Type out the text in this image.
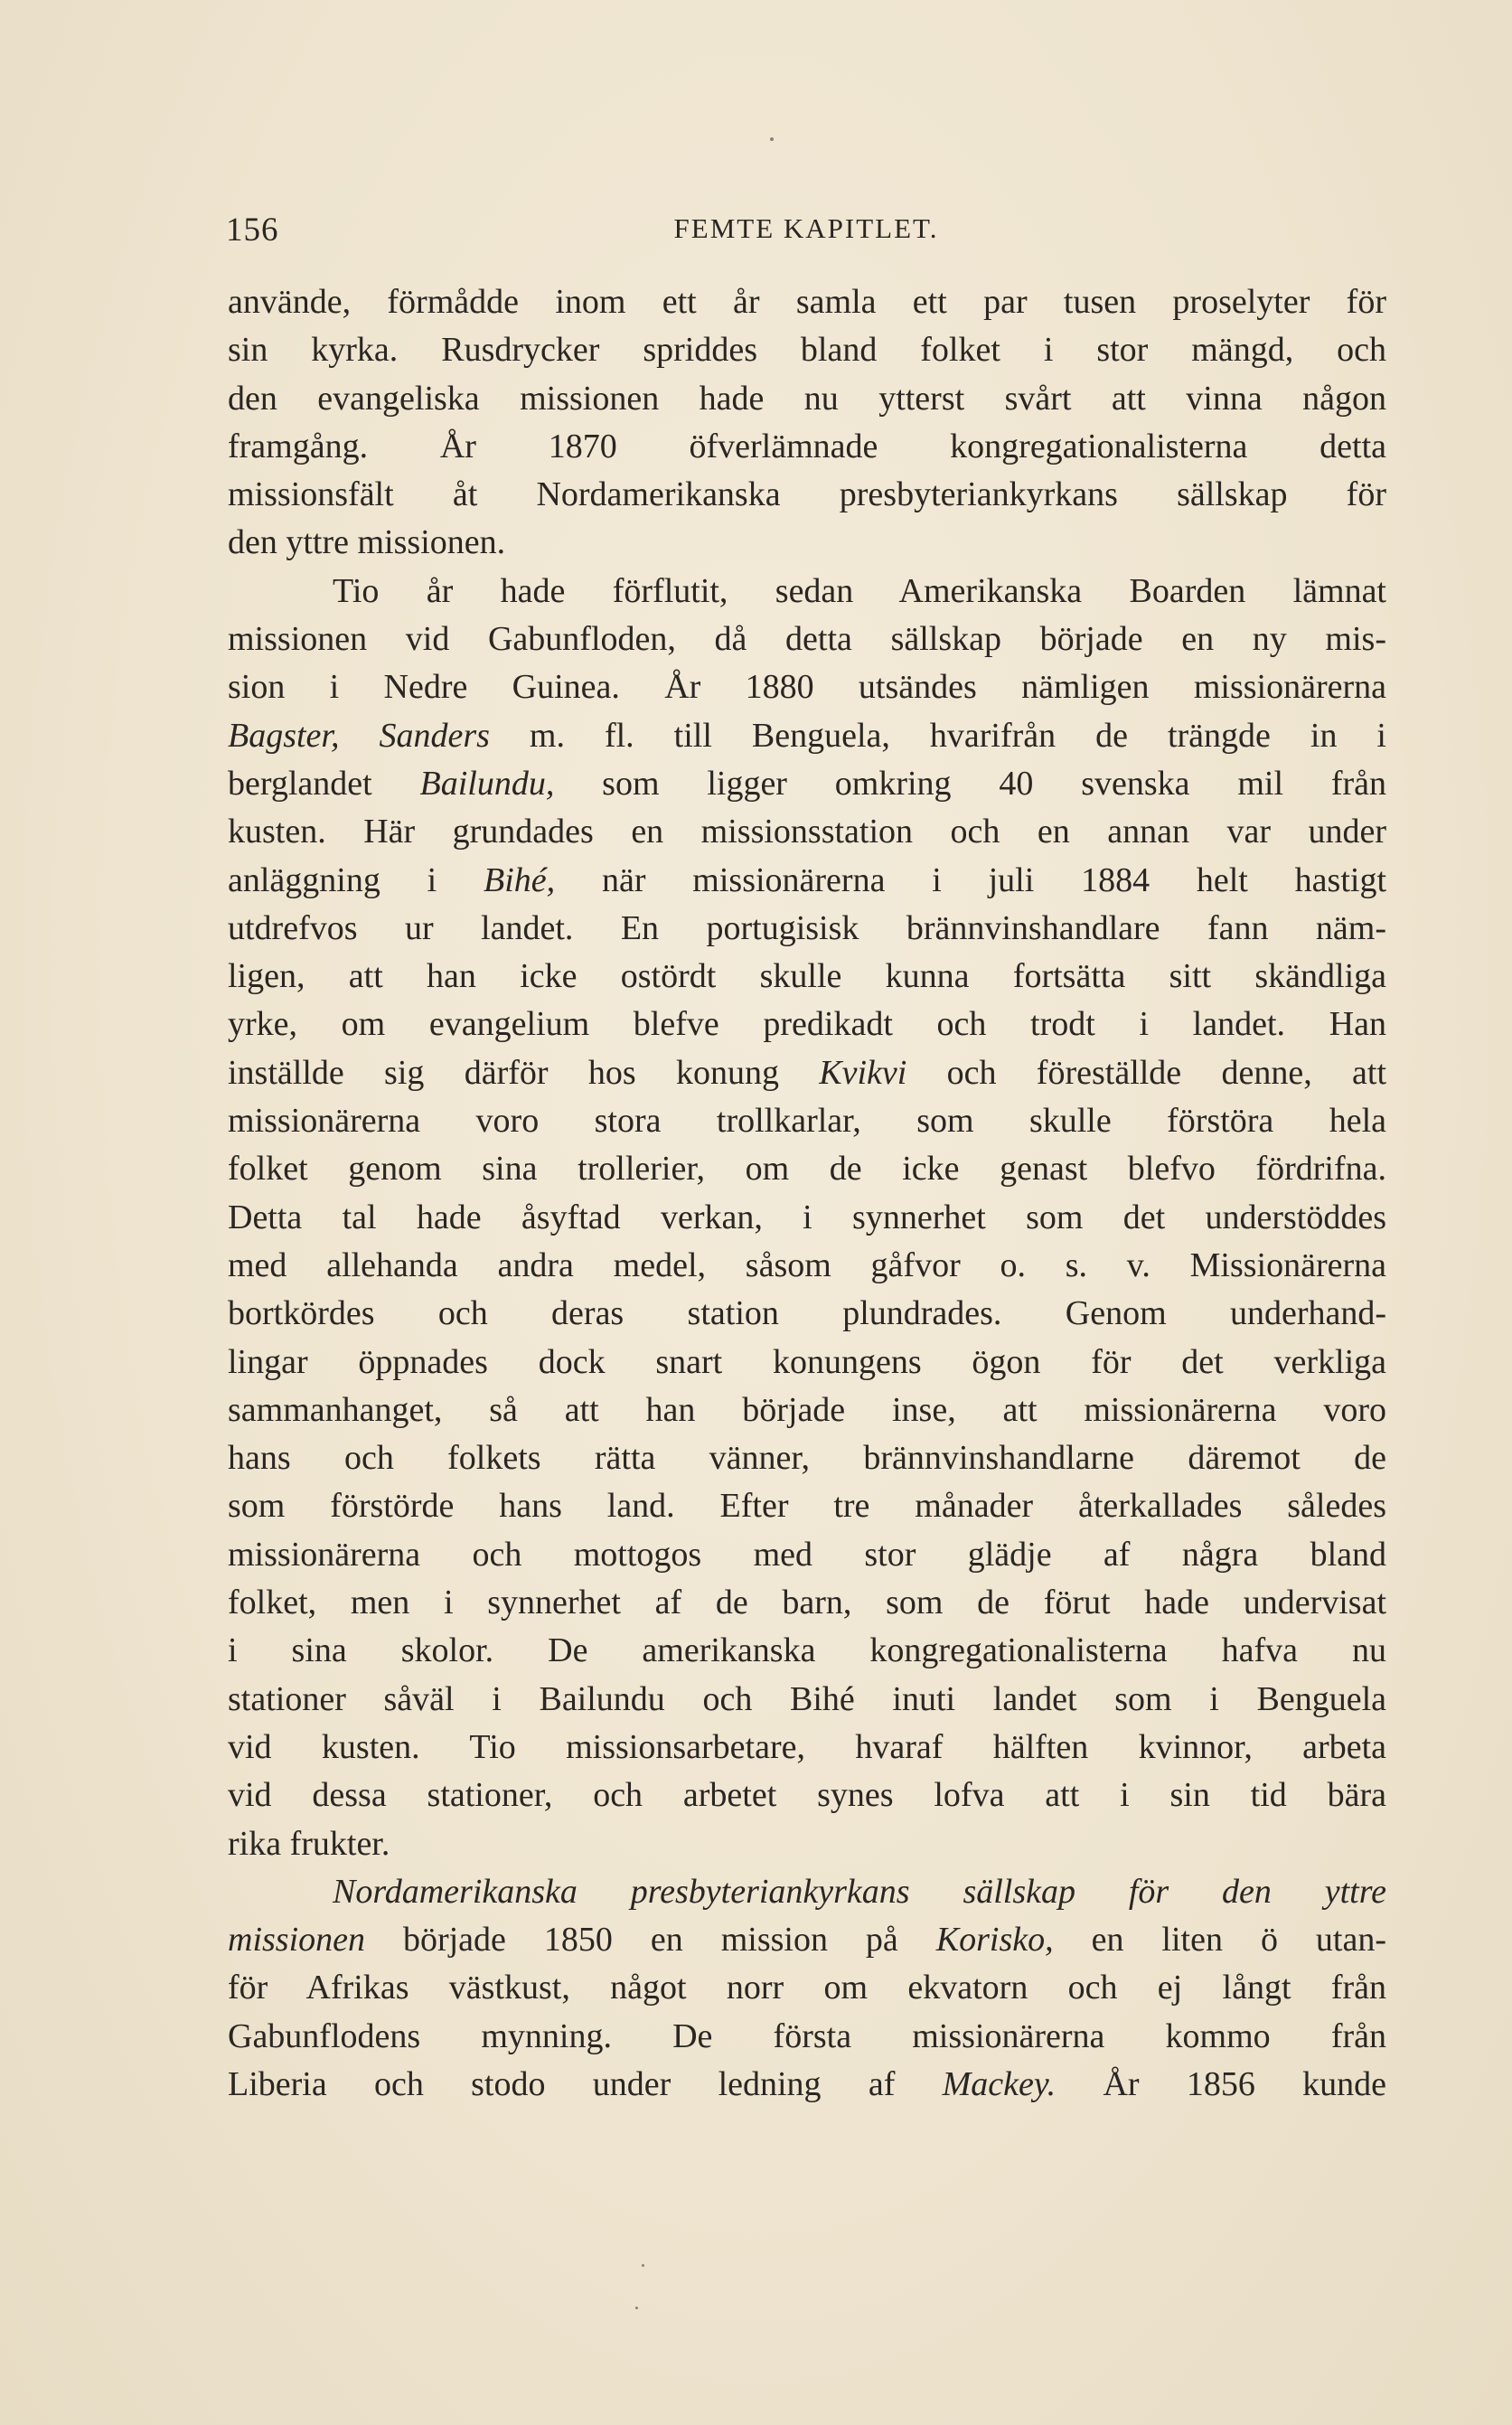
156	FEMTE KAPITLET.
använde, förmådde inom ett år samla ett par tusen proselyter för
sin kyrka. Rusdrycker spriddes bland folket i stor mängd, och
den evangeliska missionen hade nu ytterst svårt att vinna någon
framgång. År 1870 öfverlämnade kongregationalisterna detta
missionsfält åt Nordamerikanska presbyteriankyrkans sällskap för
den yttre missionen.
Tio år hade förflutit, sedan Amerikanska Boarden lämnat
missionen vid Gabunfloden, då detta sällskap började en ny mis-
sion i Nedre Guinea. År 1880 utsändes nämligen missionärerna
Bagster, Sanders m. fl. till Benguela, hvarifrån de trängde in i
berglandet Bailundu, som ligger omkring 40 svenska mil från
kusten. Här grundades en missionsstation och en annan var under
anläggning i Bihé, när missionärerna i juli 1884 helt hastigt
utdrefvos ur landet. En portugisisk brännvinshandlare fann näm-
ligen, att han icke ostördt skulle kunna fortsätta sitt skändliga
yrke, om evangelium blefve predikadt och trodt i landet. Han
inställde sig därför hos konung Kvikvi och föreställde denne, att
missionärerna voro stora trollkarlar, som skulle förstöra hela
folket genom sina trollerier, om de icke genast blefvo fördrifna.
Detta tal hade åsyftad verkan, i synnerhet som det understöddes
med allehanda andra medel, såsom gåfvor o. s. v. Missionärerna
bortkördes och deras station plundrades. Genom underhand-
lingar öppnades dock snart konungens ögon för det verkliga
sammanhanget, så att han började inse, att missionärerna voro
hans och folkets rätta vänner, brännvinshandlarne däremot de
som förstörde hans land. Efter tre månader återkallades således
missionärerna och mottogos med stor glädje af några bland
folket, men i synnerhet af de barn, som de förut hade undervisat
i sina skolor. De amerikanska kongregationalisterna hafva nu
stationer såväl i Bailundu och Bihé inuti landet som i Benguela
vid kusten. Tio missionsarbetare, hvaraf hälften kvinnor, arbeta
vid dessa stationer, och arbetet synes lofva att i sin tid bära
rika frukter.
Nordamerikanska presbyteriankyrkans sällskap för den yttre
missionen började 1850 en mission på Korisko, en liten ö utan-
för Afrikas västkust, något norr om ekvatorn och ej långt från
Gabunflodens mynning. De första missionärerna kommo från
Liberia och stodo under ledning af Mackey. År 1856 kunde
